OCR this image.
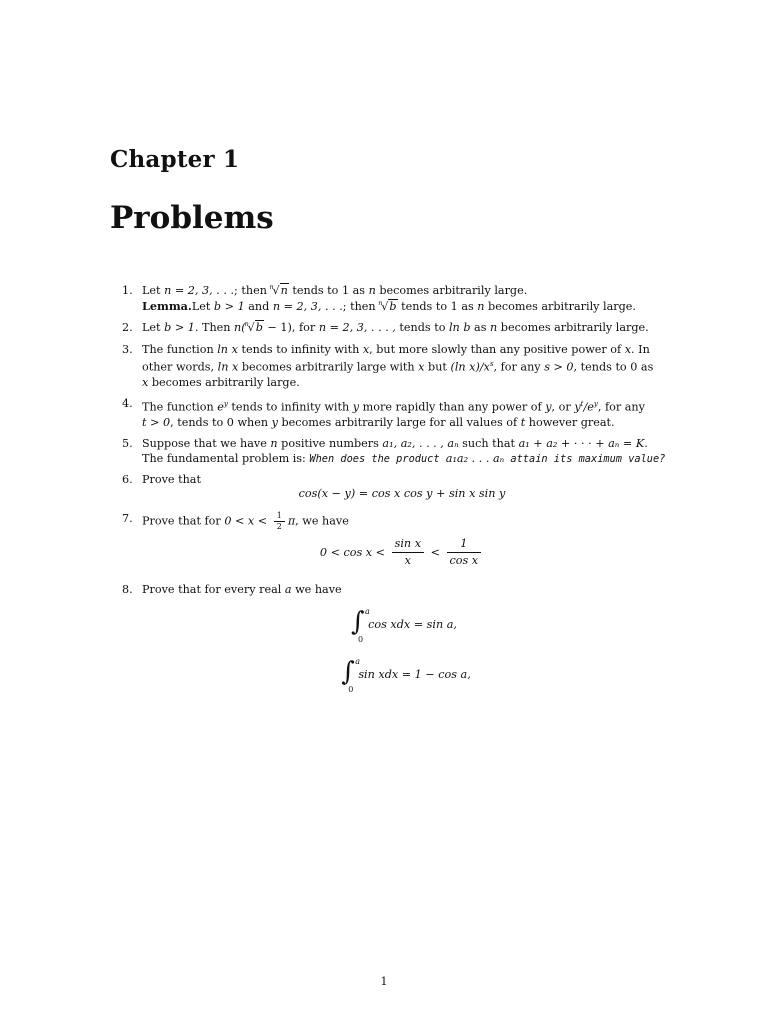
Chapter 1
Problems
1. Let n = 2, 3, . . .; then n
√n tends to 1 as n becomes arbitrarily large.
Lemma.Let b > 1 and n = 2, 3, . . .; then n
√b tends to 1 as n becomes arbitrarily large.
2. Let b > 1. Then n( n
√b − 1), for n = 2, 3, . . . , tends to ln b as n becomes arbitrarily large.
3. The function ln x tends to infinity with x, but more slowly than any positive power of x. In
other words, ln x becomes arbitrarily large with x but (ln $x)/x^s$, for any s > 0, tends to 0 as
x becomes arbitrarily large.
4. The function $e^y$ tends to infinity with y more rapidly than any power of y, or $y^t/e^y$, for any
t > 0, tends to 0 when y becomes arbitrarily large for all values of t however great.
5. Suppose that we have n positive numbers a₁, a₂, . . . , aₙ such that a₁ + a₂ + · · · + aₙ = K.
The fundamental problem is: When does the product a₁a₂ . . . aₙ attain its maximum value?
6. Prove that
cos(x − y) = cos x cos y + sin x sin y
7. Prove that for $0 < x < \frac{1}{2} \pi$, we have
$0 < \cos x < \frac{\text{sin x}}{x} < \frac{1}{\text{cos x}}$
8. Prove that for every real a we have
∫ a
0
cos xdx = sin a,
∫ a
0
sin xdx = 1 − cos a,
1
